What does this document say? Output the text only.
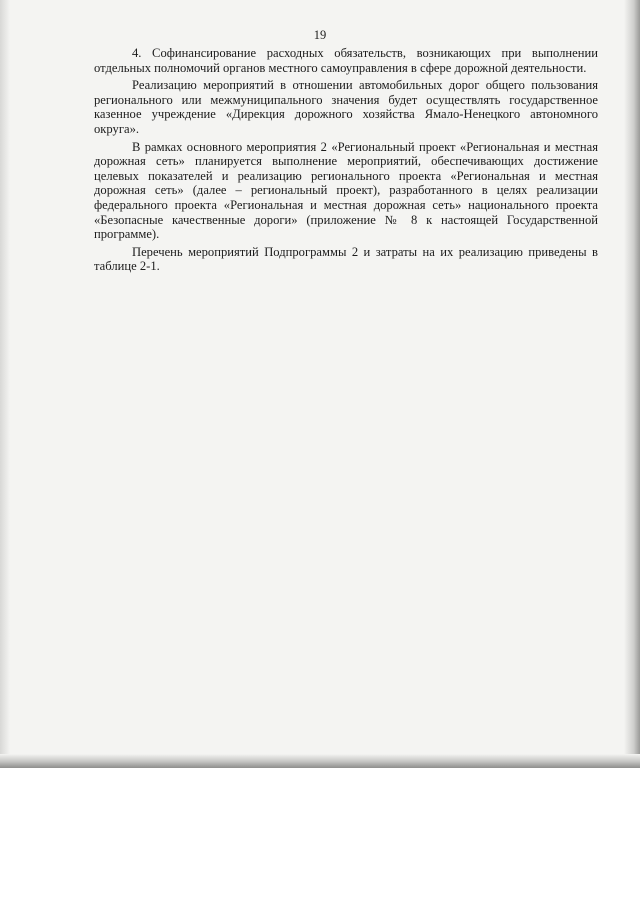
19

4. Софинансирование расходных обязательств, возникающих при выполнении отдельных полномочий органов местного самоуправления в сфере дорожной деятельности.

Реализацию мероприятий в отношении автомобильных дорог общего пользования регионального или межмуниципального значения будет осуществлять государственное казенное учреждение «Дирекция дорожного хозяйства Ямало-Ненецкого автономного округа».

В рамках основного мероприятия 2 «Региональный проект «Региональная и местная дорожная сеть» планируется выполнение мероприятий, обеспечивающих достижение целевых показателей и реализацию регионального проекта «Региональная и местная дорожная сеть» (далее – региональный проект), разработанного в целях реализации федерального проекта «Региональная и местная дорожная сеть» национального проекта «Безопасные качественные дороги» (приложение № 8 к настоящей Государственной программе).

Перечень мероприятий Подпрограммы 2 и затраты на их реализацию приведены в таблице 2-1.
